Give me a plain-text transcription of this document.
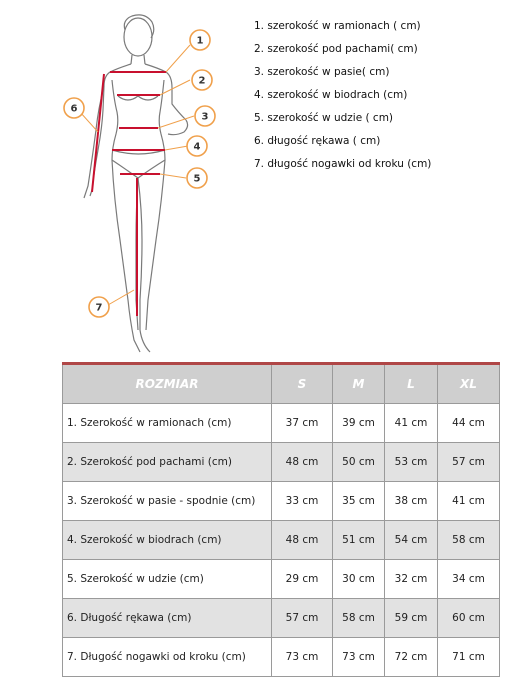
1
2
3
4
5
6
7
1. szerokość w ramionach ( cm)
2. szerokość pod pachami( cm)
3. szerokość w pasie( cm)
4. szerokość w biodrach (cm)
5. szerokość w udzie ( cm)
6. długość rękawa ( cm)
7. długość nogawki od kroku (cm)
ROZMIAR	S	M	L	XL
1. Szerokość w ramionach (cm)	37 cm	39 cm	41 cm	44 cm
2. Szerokość pod pachami (cm)	48 cm	50 cm	53 cm	57 cm
3. Szerokość w pasie - spodnie (cm)	33 cm	35 cm	38 cm	41 cm
4. Szerokość w biodrach (cm)	48 cm	51 cm	54 cm	58 cm
5. Szerokość w udzie (cm)	29 cm	30 cm	32 cm	34 cm
6. Długość rękawa (cm)	57 cm	58 cm	59 cm	60 cm
7. Długość nogawki od kroku (cm)	73 cm	73 cm	72 cm	71 cm
